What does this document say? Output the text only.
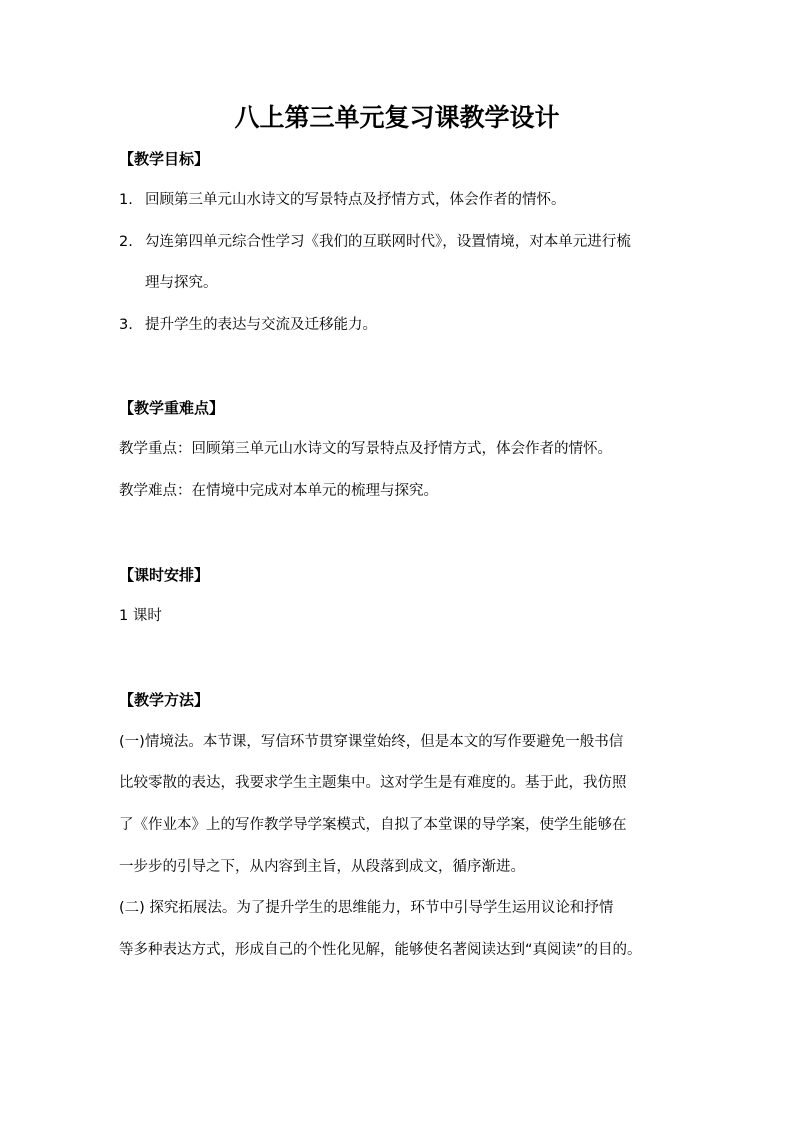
八上第三单元复习课教学设计
【教学目标】
1. 回顾第三单元山水诗文的写景特点及抒情方式，体会作者的情怀。
2. 勾连第四单元综合性学习《我们的互联网时代》，设置情境，对本单元进行梳
理与探究。
3. 提升学生的表达与交流及迁移能力。
【教学重难点】
教学重点：回顾第三单元山水诗文的写景特点及抒情方式，体会作者的情怀。
教学难点：在情境中完成对本单元的梳理与探究。
【课时安排】
1 课时
【教学方法】
(一)情境法。本节课，写信环节贯穿课堂始终，但是本文的写作要避免一般书信
比较零散的表达，我要求学生主题集中。这对学生是有难度的。基于此，我仿照
了《作业本》上的写作教学导学案模式，自拟了本堂课的导学案，使学生能够在
一步步的引导之下，从内容到主旨，从段落到成文，循序渐进。
(二) 探究拓展法。为了提升学生的思维能力，环节中引导学生运用议论和抒情
等多种表达方式，形成自己的个性化见解，能够使名著阅读达到“真阅读”的目的。
